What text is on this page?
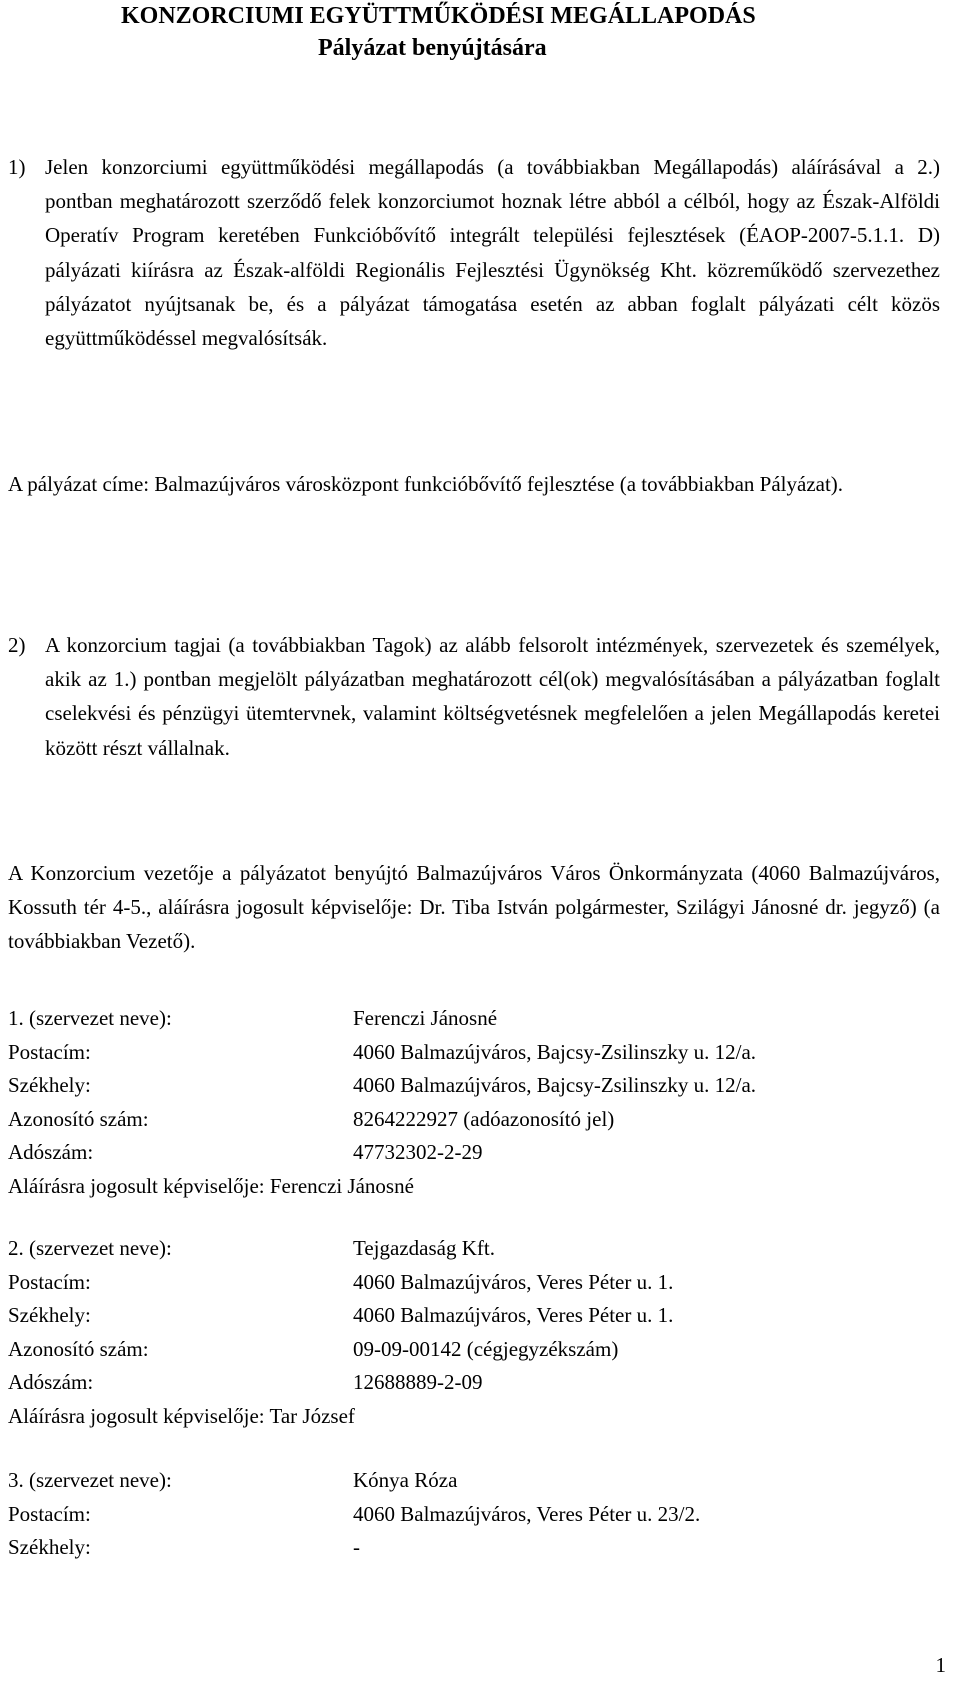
KONZORCIUMI EGYÜTTMŰKÖDÉSI MEGÁLLAPODÁS
Pályázat benyújtására
1) Jelen konzorciumi együttműködési megállapodás (a továbbiakban Megállapodás) aláírásával a 2.) pontban meghatározott szerződő felek konzorciumot hoznak létre abból a célból, hogy az Észak-Alföldi Operatív Program keretében Funkcióbővítő integrált települési fejlesztések (ÉAOP-2007-5.1.1. D) pályázati kiírásra az Észak-alföldi Regionális Fejlesztési Ügynökség Kht. közreműködő szervezethez pályázatot nyújtsanak be, és a pályázat támogatása esetén az abban foglalt pályázati célt közös együttműködéssel megvalósítsák.
A pályázat címe: Balmazújváros városközpont funkcióbővítő fejlesztése (a továbbiakban Pályázat).
2) A konzorcium tagjai (a továbbiakban Tagok) az alább felsorolt intézmények, szervezetek és személyek, akik az 1.) pontban megjelölt pályázatban meghatározott cél(ok) megvalósításában a pályázatban foglalt cselekvési és pénzügyi ütemtervnek, valamint költségvetésnek megfelelően a jelen Megállapodás keretei között részt vállalnak.
A Konzorcium vezetője a pályázatot benyújtó Balmazújváros Város Önkormányzata (4060 Balmazújváros, Kossuth tér 4-5., aláírásra jogosult képviselője: Dr. Tiba István polgármester, Szilágyi Jánosné dr. jegyző) (a továbbiakban Vezető).
1. (szervezet neve):	Ferenczi Jánosné
Postacím:	4060 Balmazújváros, Bajcsy-Zsilinszky u. 12/a.
Székhely:	4060 Balmazújváros, Bajcsy-Zsilinszky u. 12/a.
Azonosító szám:	8264222927 (adóazonosító jel)
Adószám:	47732302-2-29
Aláírásra jogosult képviselője: Ferenczi Jánosné
2. (szervezet neve):	Tejgazdaság Kft.
Postacím:	4060 Balmazújváros, Veres Péter u. 1.
Székhely:	4060 Balmazújváros, Veres Péter u. 1.
Azonosító szám:	09-09-00142 (cégjegyzékszám)
Adószám:	12688889-2-09
Aláírásra jogosult képviselője: Tar József
3. (szervezet neve):	Kónya Róza
Postacím:	4060 Balmazújváros, Veres Péter u. 23/2.
Székhely:	-
1
